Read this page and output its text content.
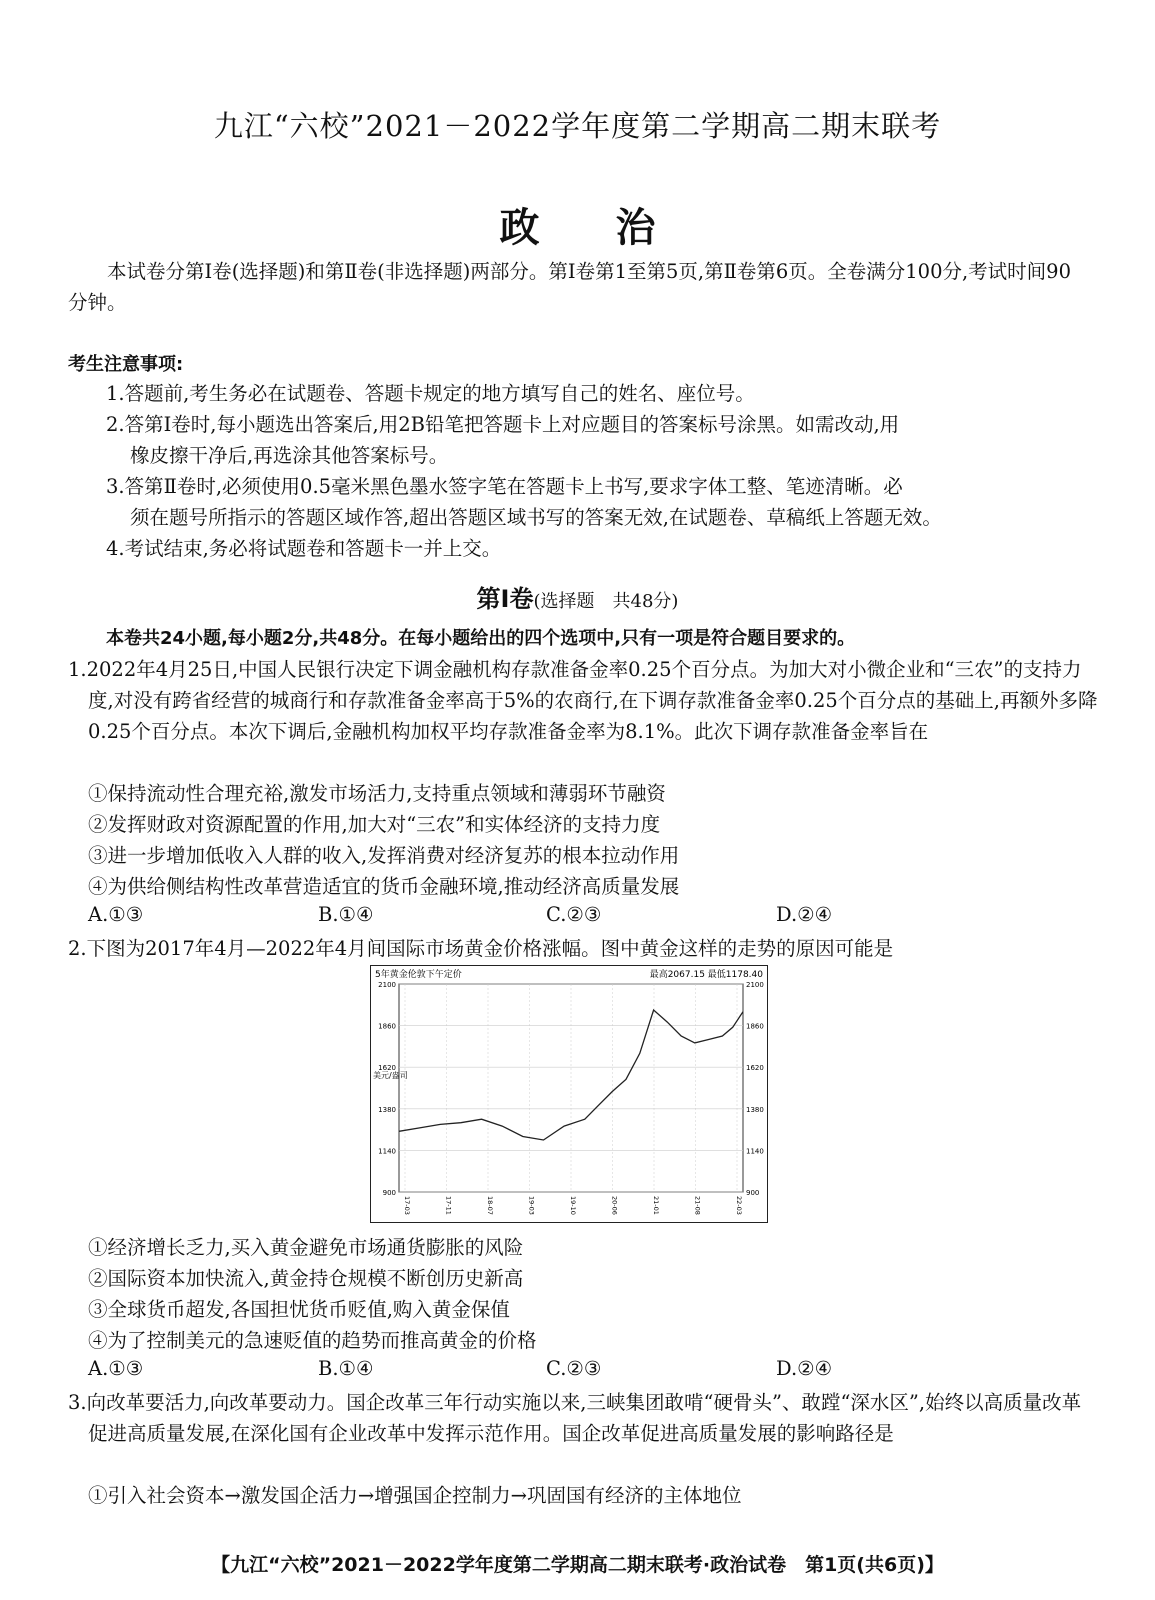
九江“六校”2021－2022学年度第二学期高二期末联考
政 治
本试卷分第Ⅰ卷(选择题)和第Ⅱ卷(非选择题)两部分。第Ⅰ卷第1至第5页,第Ⅱ卷第6页。全卷满分100分,考试时间90分钟。
考生注意事项:
1.答题前,考生务必在试题卷、答题卡规定的地方填写自己的姓名、座位号。
2.答第Ⅰ卷时,每小题选出答案后,用2B铅笔把答题卡上对应题目的答案标号涂黑。如需改动,用
橡皮擦干净后,再选涂其他答案标号。
3.答第Ⅱ卷时,必须使用0.5毫米黑色墨水签字笔在答题卡上书写,要求字体工整、笔迹清晰。必
须在题号所指示的答题区域作答,超出答题区域书写的答案无效,在试题卷、草稿纸上答题无效。
4.考试结束,务必将试题卷和答题卡一并上交。
第Ⅰ卷(选择题　共48分)
本卷共24小题,每小题2分,共48分。在每小题给出的四个选项中,只有一项是符合题目要求的。
1.2022年4月25日,中国人民银行决定下调金融机构存款准备金率0.25个百分点。为加大对小微企业和“三农”的支持力度,对没有跨省经营的城商行和存款准备金率高于5%的农商行,在下调存款准备金率0.25个百分点的基础上,再额外多降0.25个百分点。本次下调后,金融机构加权平均存款准备金率为8.1%。此次下调存款准备金率旨在
①保持流动性合理充裕,激发市场活力,支持重点领域和薄弱环节融资
②发挥财政对资源配置的作用,加大对“三农”和实体经济的支持力度
③进一步增加低收入人群的收入,发挥消费对经济复苏的根本拉动作用
④为供给侧结构性改革营造适宜的货币金融环境,推动经济高质量发展
A.①③	B.①④	C.②③	D.②④
2.下图为2017年4月—2022年4月间国际市场黄金价格涨幅。图中黄金这样的走势的原因可能是
5年黄金伦敦下午定价	最高2067.15 最低1178.40
美元/盎司
900	900
1140	1140
1380	1380
1620	1620
1860	1860
2100	2100
17-03	17-11	18-07	19-03	19-10	20-06	21-01	21-08	22-03
①经济增长乏力,买入黄金避免市场通货膨胀的风险
②国际资本加快流入,黄金持仓规模不断创历史新高
③全球货币超发,各国担忧货币贬值,购入黄金保值
④为了控制美元的急速贬值的趋势而推高黄金的价格
A.①③	B.①④	C.②③	D.②④
3.向改革要活力,向改革要动力。国企改革三年行动实施以来,三峡集团敢啃“硬骨头”、敢蹚“深水区”,始终以高质量改革促进高质量发展,在深化国有企业改革中发挥示范作用。国企改革促进高质量发展的影响路径是
①引入社会资本→激发国企活力→增强国企控制力→巩固国有经济的主体地位
【九江“六校”2021－2022学年度第二学期高二期末联考·政治试卷　第1页(共6页)】
